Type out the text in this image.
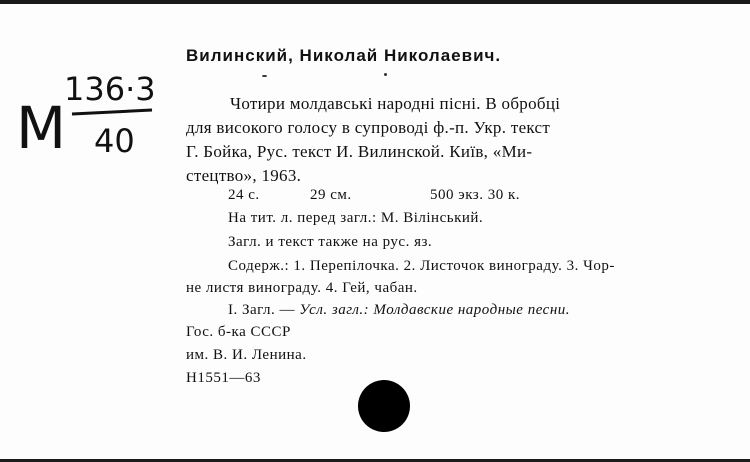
М
136·3
40
Вилинский, Николай Николаевич.
Чотири молдавські народні пісні. В обробці
для високого голосу в супроводі ф.-п. Укр. текст
Г. Бойка, Рус. текст И. Вилинской. Київ, «Ми-
стецтво», 1963.
24 с.	29 см.	500 экз. 30 к.
На тит. л. перед загл.: М. Вілінський.
Загл. и текст также на рус. яз.
Содерж.: 1. Перепілочка. 2. Листочок винограду. 3. Чор-
не листя винограду. 4. Гей, чабан.
I. Загл. — Усл. загл.: Молдавские народные песни.
Гос. б-ка СССР
им. В. И. Ленина.
Н1551—63
